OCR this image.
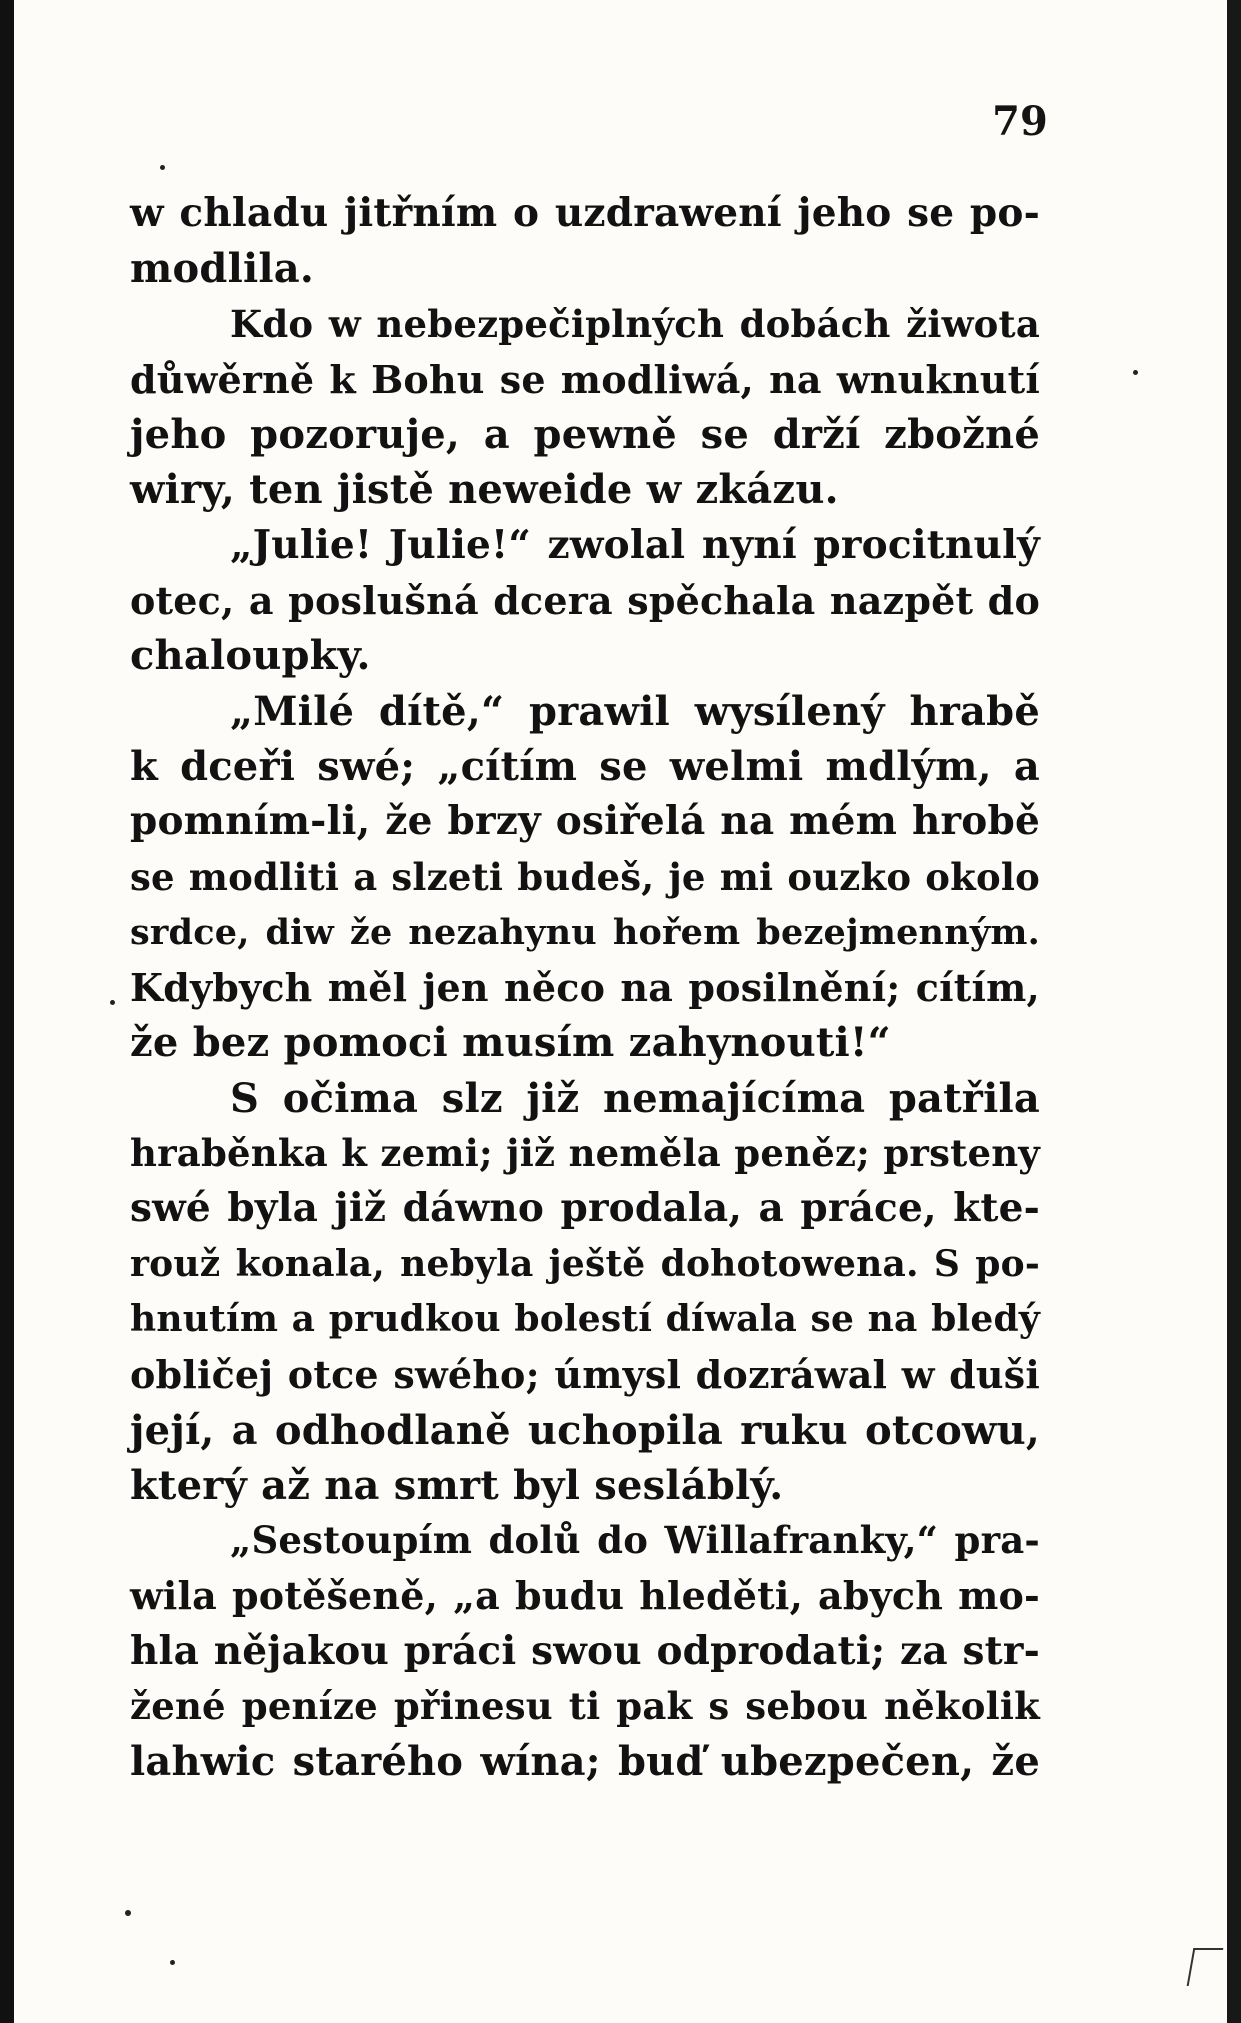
79
w chladu jitřním o uzdrawení jeho se po-
modlila.
Kdo w nebezpečiplných dobách žiwota
důwěrně k Bohu se modliwá, na wnuknutí
jeho pozoruje, a pewně se drží zbožné
wiry, ten jistě neweide w zkázu.
„Julie! Julie!“ zwolal nyní procitnulý
otec, a poslušná dcera spěchala nazpět do
chaloupky.
„Milé dítě,“ prawil wysílený hrabě
k dceři swé; „cítím se welmi mdlým, a
pomním-li, že brzy osiřelá na mém hrobě
se modliti a slzeti budeš, je mi ouzko okolo
srdce, diw že nezahynu hořem bezejmenným.
Kdybych měl jen něco na posilnění; cítím,
že bez pomoci musím zahynouti!“
S očima slz již nemajícíma patřila
hraběnka k zemi; již neměla peněz; prsteny
swé byla již dáwno prodala, a práce, kte-
rouž konala, nebyla ještě dohotowena. S po-
hnutím a prudkou bolestí díwala se na bledý
obličej otce swého; úmysl dozráwal w duši
její, a odhodlaně uchopila ruku otcowu,
který až na smrt byl sesláblý.
„Sestoupím dolů do Willafranky,“ pra-
wila potěšeně, „a budu hleděti, abych mo-
hla nějakou práci swou odprodati; za str-
žené peníze přinesu ti pak s sebou několik
lahwic starého wína; buď ubezpečen, že
